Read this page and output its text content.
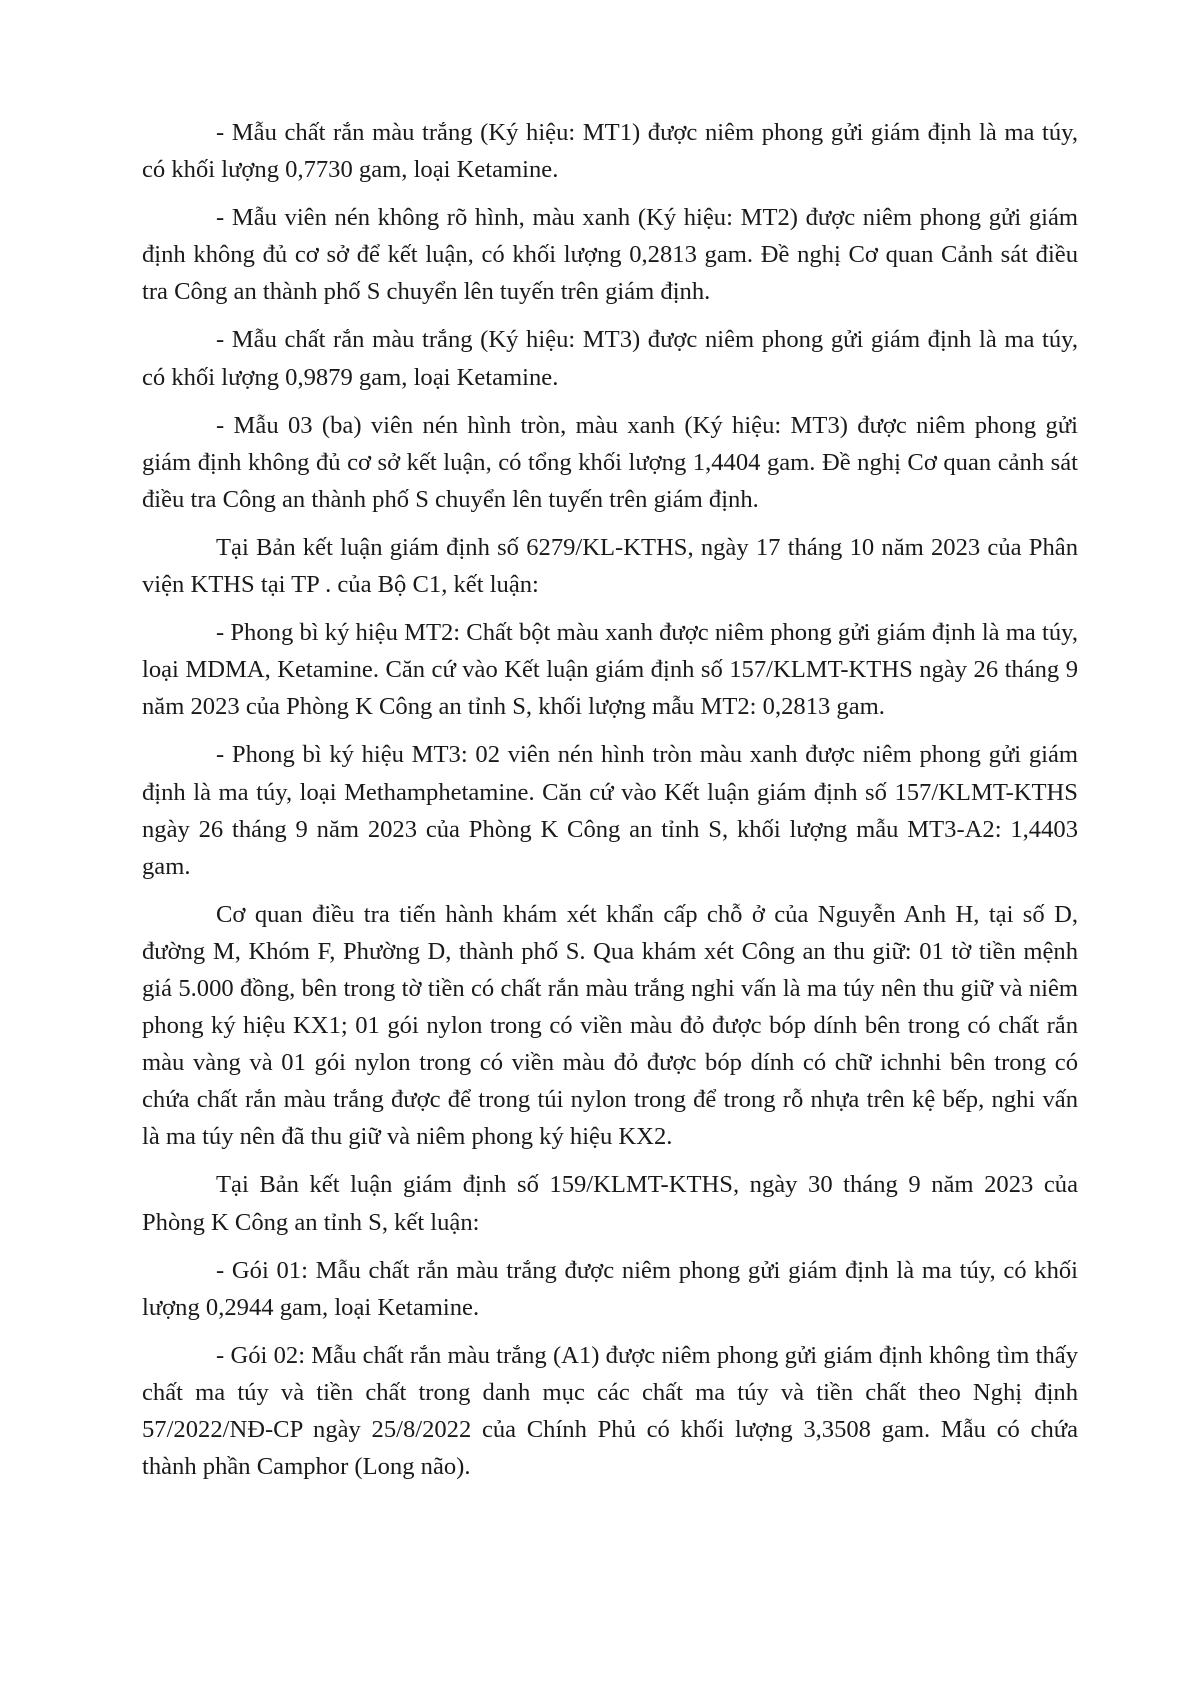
- Mẫu chất rắn màu trắng (Ký hiệu: MT1) được niêm phong gửi giám định là ma túy, có khối lượng 0,7730 gam, loại Ketamine.

- Mẫu viên nén không rõ hình, màu xanh (Ký hiệu: MT2) được niêm phong gửi giám định không đủ cơ sở để kết luận, có khối lượng 0,2813 gam. Đề nghị Cơ quan Cảnh sát điều tra Công an thành phố S chuyển lên tuyến trên giám định.

- Mẫu chất rắn màu trắng (Ký hiệu: MT3) được niêm phong gửi giám định là ma túy, có khối lượng 0,9879 gam, loại Ketamine.

- Mẫu 03 (ba) viên nén hình tròn, màu xanh (Ký hiệu: MT3) được niêm phong gửi giám định không đủ cơ sở kết luận, có tổng khối lượng 1,4404 gam. Đề nghị Cơ quan cảnh sát điều tra Công an thành phố S chuyển lên tuyến trên giám định.

Tại Bản kết luận giám định số 6279/KL-KTHS, ngày 17 tháng 10 năm 2023 của Phân viện KTHS tại TP . của Bộ C1, kết luận:

- Phong bì ký hiệu MT2: Chất bột màu xanh được niêm phong gửi giám định là ma túy, loại MDMA, Ketamine. Căn cứ vào Kết luận giám định số 157/KLMT-KTHS ngày 26 tháng 9 năm 2023 của Phòng K Công an tỉnh S, khối lượng mẫu MT2: 0,2813 gam.

- Phong bì ký hiệu MT3: 02 viên nén hình tròn màu xanh được niêm phong gửi giám định là ma túy, loại Methamphetamine. Căn cứ vào Kết luận giám định số 157/KLMT-KTHS ngày 26 tháng 9 năm 2023 của Phòng K Công an tỉnh S, khối lượng mẫu MT3-A2: 1,4403 gam.

Cơ quan điều tra tiến hành khám xét khẩn cấp chỗ ở của Nguyễn Anh H, tại số D, đường M, Khóm F, Phường D, thành phố S. Qua khám xét Công an thu giữ: 01 tờ tiền mệnh giá 5.000 đồng, bên trong tờ tiền có chất rắn màu trắng nghi vấn là ma túy nên thu giữ và niêm phong ký hiệu KX1; 01 gói nylon trong có viền màu đỏ được bóp dính bên trong có chất rắn màu vàng và 01 gói nylon trong có viền màu đỏ được bóp dính có chữ ichnhi bên trong có chứa chất rắn màu trắng được để trong túi nylon trong để trong rỗ nhựa trên kệ bếp, nghi vấn là ma túy nên đã thu giữ và niêm phong ký hiệu KX2.

Tại Bản kết luận giám định số 159/KLMT-KTHS, ngày 30 tháng 9 năm 2023 của Phòng K Công an tỉnh S, kết luận:

- Gói 01: Mẫu chất rắn màu trắng được niêm phong gửi giám định là ma túy, có khối lượng 0,2944 gam, loại Ketamine.

- Gói 02: Mẫu chất rắn màu trắng (A1) được niêm phong gửi giám định không tìm thấy chất ma túy và tiền chất trong danh mục các chất ma túy và tiền chất theo Nghị định 57/2022/NĐ-CP ngày 25/8/2022 của Chính Phủ có khối lượng 3,3508 gam. Mẫu có chứa thành phần Camphor (Long não).
